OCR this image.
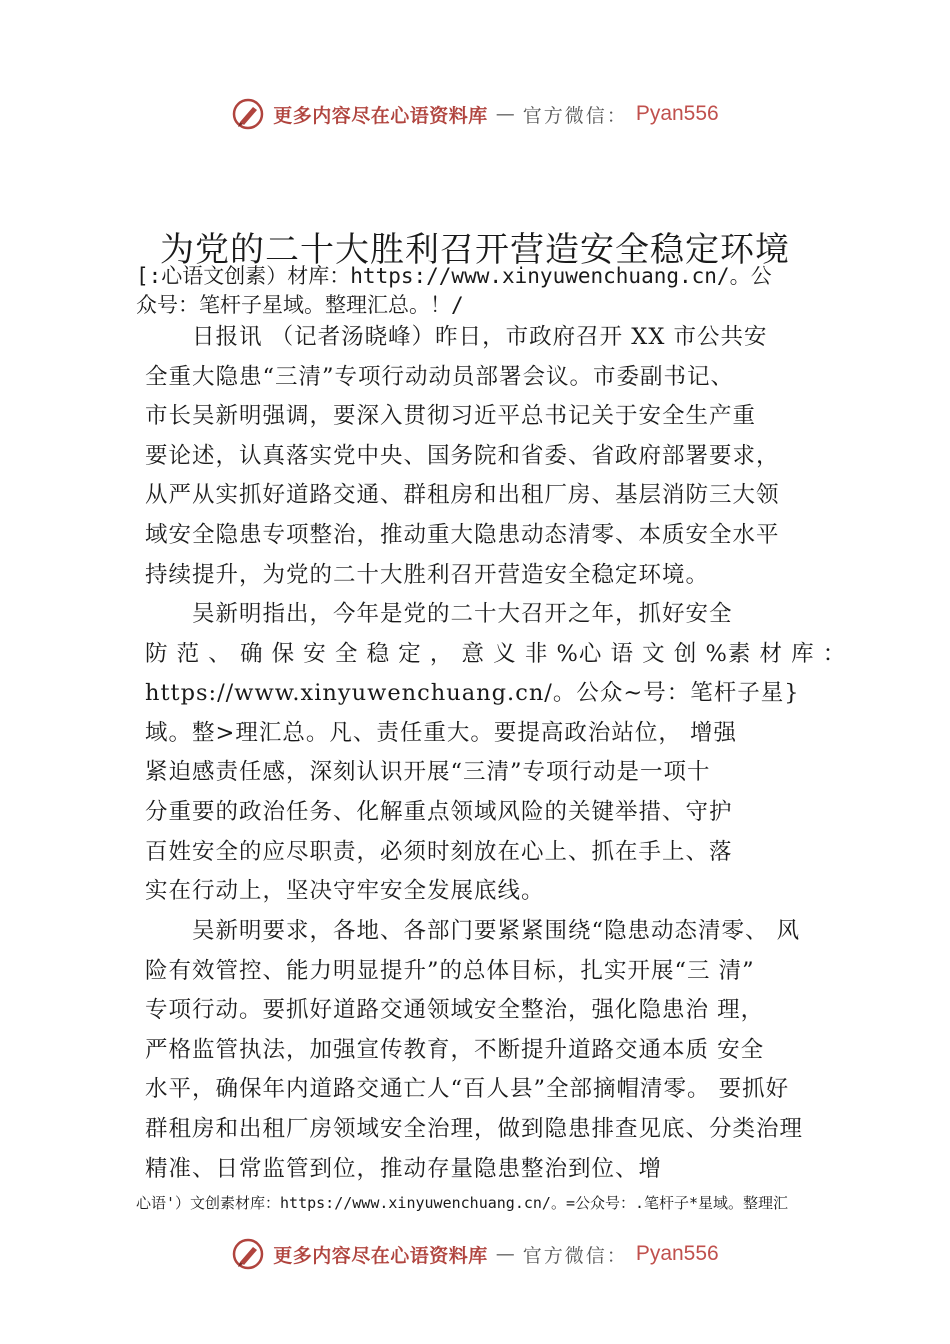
更多内容尽在心语资料库 — 官方微信： Pyan556
为党的二十大胜利召开营造安全稳定环境
[:心语文创素）材库：https://www.xinyuwenchuang.cn/。公
众号：笔杆子星域。整理汇总。！/
　　日报讯 （记者汤晓峰）昨日，市政府召开 XX 市公共安
全重大隐患“三清”专项行动动员部署会议。市委副书记、
市长吴新明强调，要深入贯彻习近平总书记关于安全生产重
要论述，认真落实党中央、国务院和省委、省政府部署要求，
从严从实抓好道路交通、群租房和出租厂房、基层消防三大领
域安全隐患专项整治，推动重大隐患动态清零、本质安全水平
持续提升，为党的二十大胜利召开营造安全稳定环境。
　　吴新明指出，今年是党的二十大召开之年，抓好安全
防 范 、 确 保 安 全 稳 定 ， 意 义 非 %心 语 文 创 %素 材 库 ：
https://www.xinyuwenchuang.cn/。公众~号：笔杆子星}
域。整>理汇总。凡、责任重大。要提高政治站位， 增强
紧迫感责任感，深刻认识开展“三清”专项行动是一项十
分重要的政治任务、化解重点领域风险的关键举措、守护
百姓安全的应尽职责，必须时刻放在心上、抓在手上、落
实在行动上，坚决守牢安全发展底线。
　　吴新明要求，各地、各部门要紧紧围绕“隐患动态清零、 风
险有效管控、能力明显提升”的总体目标，扎实开展“三 清”
专项行动。要抓好道路交通领域安全整治，强化隐患治 理，
严格监管执法，加强宣传教育，不断提升道路交通本质 安全
水平，确保年内道路交通亡人“百人县”全部摘帽清零。 要抓好
群租房和出租厂房领域安全治理，做到隐患排查见底、分类治理
精准、日常监管到位，推动存量隐患整治到位、增
心语'）文创素材库：https://www.xinyuwenchuang.cn/。=公众号：.笔杆子*星域。整理汇
更多内容尽在心语资料库 — 官方微信： Pyan556
